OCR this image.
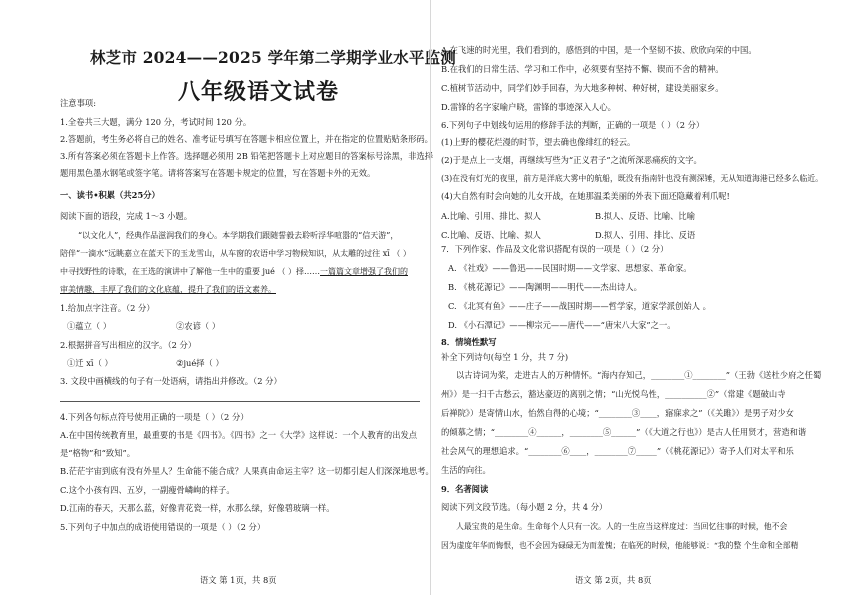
林芝市 2024——2025 学年第二学期学业水平监测
八年级语文试卷
注意事项:
1.全卷共三大题，满分 120 分，考试时间 120 分。
2.答题前，考生务必将自己的姓名、准考证号填写在答题卡相应位置上，并在指定的位置贴贴条形码。
3.所有答案必须在答题卡上作答。选择题必须用 2B 铅笔把答题卡上对应题目的答案标号涂黑，非选择
题用黑色墨水钢笔或签字笔。请将答案写在答题卡规定的位置，写在答题卡外的无效。
一、读书•积累（共25分）
阅读下面的语段，完成 1～3 小题。
“以文化人”，经典作品滋润我们的身心。本学期我们跟随誓毅去聆听浮华喧嚣的“信天游”，
陪伴“一滴水”远眺嘉立在蓝天下的玉龙雪山，从车窗的农语中学习物候知识，从太雕的过往 xī （ ）
中寻找野性的诗歌，在王选的演讲中了解他一生中的重要 jué （ ）择……一篇篇文章增强了我们的
审美情趣，丰厚了我们的文化底蕴，提升了我们的语文素养。
1.给加点字注音。（2 分）
①蕴立（ ）	②农谚（ ）
2.根据拼音写出相应的汉字。（2 分）
①迁 xī（ ）	②jué择（ ）
3. 文段中画横线的句子有一处语病，请指出并修改。（2 分）
4.下列各句标点符号使用正确的一项是（ ）（2 分）
A.在中国传统教育里，最重要的书是《四书》。《四书》之一《大学》这样说：一个人教育的出发点
是“格物”和“致知”。
B.茫茫宇宙到底有没有外星人？生命能不能合成？人果真由命运主宰？这一切都引起人们深深地思考。
C.这个小孩有四、五岁，一副瘦骨嶙峋的样子。
D.江南的春天，天那么蓝，好像青花瓷一样，水那么绿，好像碧玻璃一样。
5.下列句子中加点的成语使用错误的一项是（ ）（2 分）
语文 第 1页，共 8页
A.在飞速的时光里，我们看到的，感悟到的中国，是一个坚韧不拔、欣欣向荣的中国。
B.在我们的日常生活、学习和工作中，必须要有坚持不懈、锲而不舍的精神。
C.植树节活动中，同学们妙手回春，为大地多种树、种好树，建设美丽家乡。
D.雷锋的名字家喻户晓，雷锋的事迹深入人心。
6.下列句子中划线句运用的修辞手法的判断，正确的一项是（ ）（2 分）
(1)上野的樱花烂漫的时节，望去确也像绯红的轻云。
(2)于是点上一支烟，再继续写些为“正义君子”之流所深恶痛疾的文字。
(3)在没有灯光的夜里，前方是洋底大雾中的航船，既没有指南针也没有测深锤，无从知道海港已经多么临近。
(4)大自然有时会向她的儿女开战，在她那温柔美丽的外表下面还隐藏着利爪呢!
A.比喻、引用、排比、拟人	B.拟人、反语、比喻、比喻
C.比喻、反语、比喻、拟人	D.拟人、引用、排比、反语
7．下列作家、作品及文化常识搭配有误的一项是（ ）（2 分）
A. 《社戏》——鲁迅——民国时期——文学家、思想家、革命家。
B. 《桃花源记》——陶渊明——明代——杰出诗人。
C. 《北冥有鱼》——庄子——战国时期——哲学家，道家学派创始人 。
D. 《小石潭记》——柳宗元——唐代——“唐宋八大家”之一。
8．情境性默写
补全下列诗句(每空 1 分，共 7 分)
以古诗词为桨，走进古人的万种情怀。“海内存知己，________①________”（王勃《送杜少府之任蜀
州》）是一扫千古愁云，豁达豪迈的离别之情；“山光悦鸟性，__________②”（常建《题破山寺
后禅院》）是寄情山水，怡然自得的心境；“________③____，寤寐求之”（《关雎》）是男子对少女
的倾慕之情；“________④______，________⑤______”（《大道之行也》）是古人任用贤才，营造和谐
社会风气的理想追求。“________⑥____，________⑦_____”（《桃花源记》）寄予人们对太平和乐
生活的向往。
9．名著阅读
阅读下列文段节选。（每小题 2 分，共 4 分）
人最宝贵的是生命。生命每个人只有一次。人的一生应当这样度过：当回忆往事的时候，他不会
因为虚度年华而悔恨，也不会因为碌碌无为而羞愧；在临死的时候，他能够说：“我的整 个生命和全部精
语文 第 2页，共 8页
